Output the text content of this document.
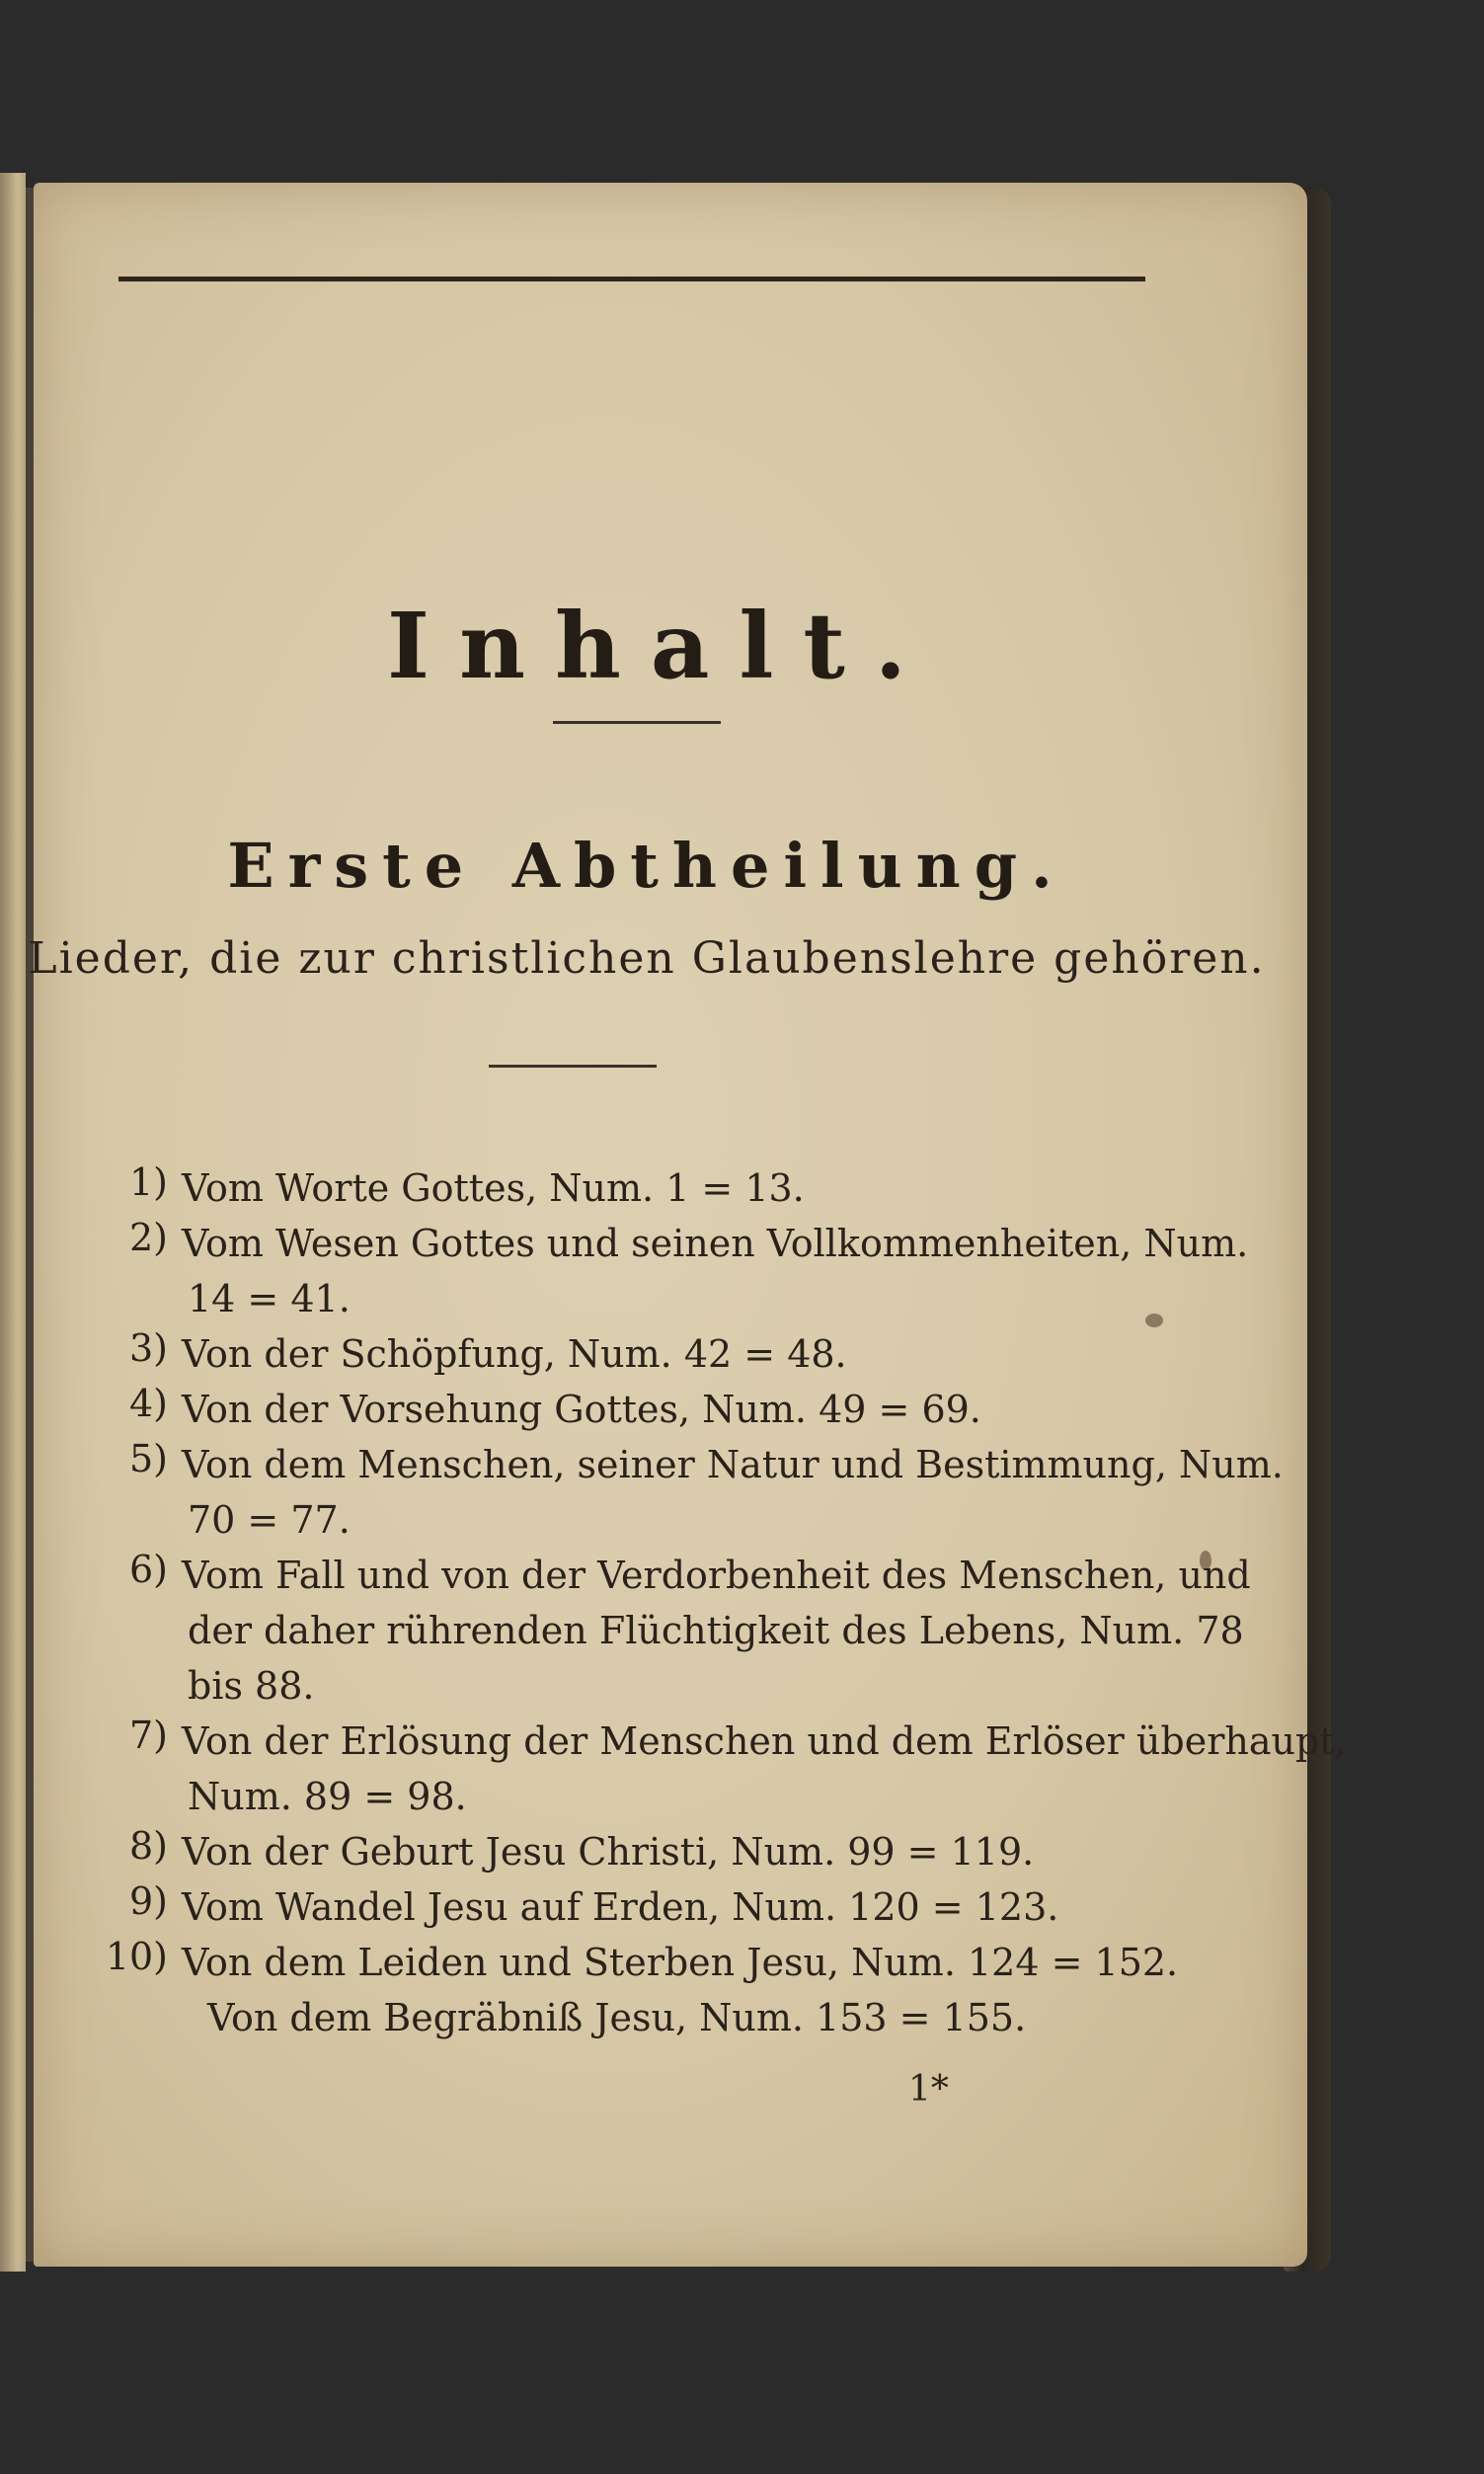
Inhalt.
Erste Abtheilung.

Lieder, die zur christlichen Glaubenslehre gehören.

1) Vom Worte Gottes, Num. 1 = 13.
2) Vom Wesen Gottes und seinen Vollkommenheiten, Num.
14 = 41.
3) Von der Schöpfung, Num. 42 = 48.
4) Von der Vorsehung Gottes, Num. 49 = 69.
5) Von dem Menschen, seiner Natur und Bestimmung, Num.
70 = 77.
6) Vom Fall und von der Verdorbenheit des Menschen, und
der daher rührenden Flüchtigkeit des Lebens, Num. 78
bis 88.
7) Von der Erlösung der Menschen und dem Erlöser überhaupt,
Num. 89 = 98.
8) Von der Geburt Jesu Christi, Num. 99 = 119.
9) Vom Wandel Jesu auf Erden, Num. 120 = 123.
10) Von dem Leiden und Sterben Jesu, Num. 124 = 152.
Von dem Begräbniß Jesu, Num. 153 = 155.

1*
